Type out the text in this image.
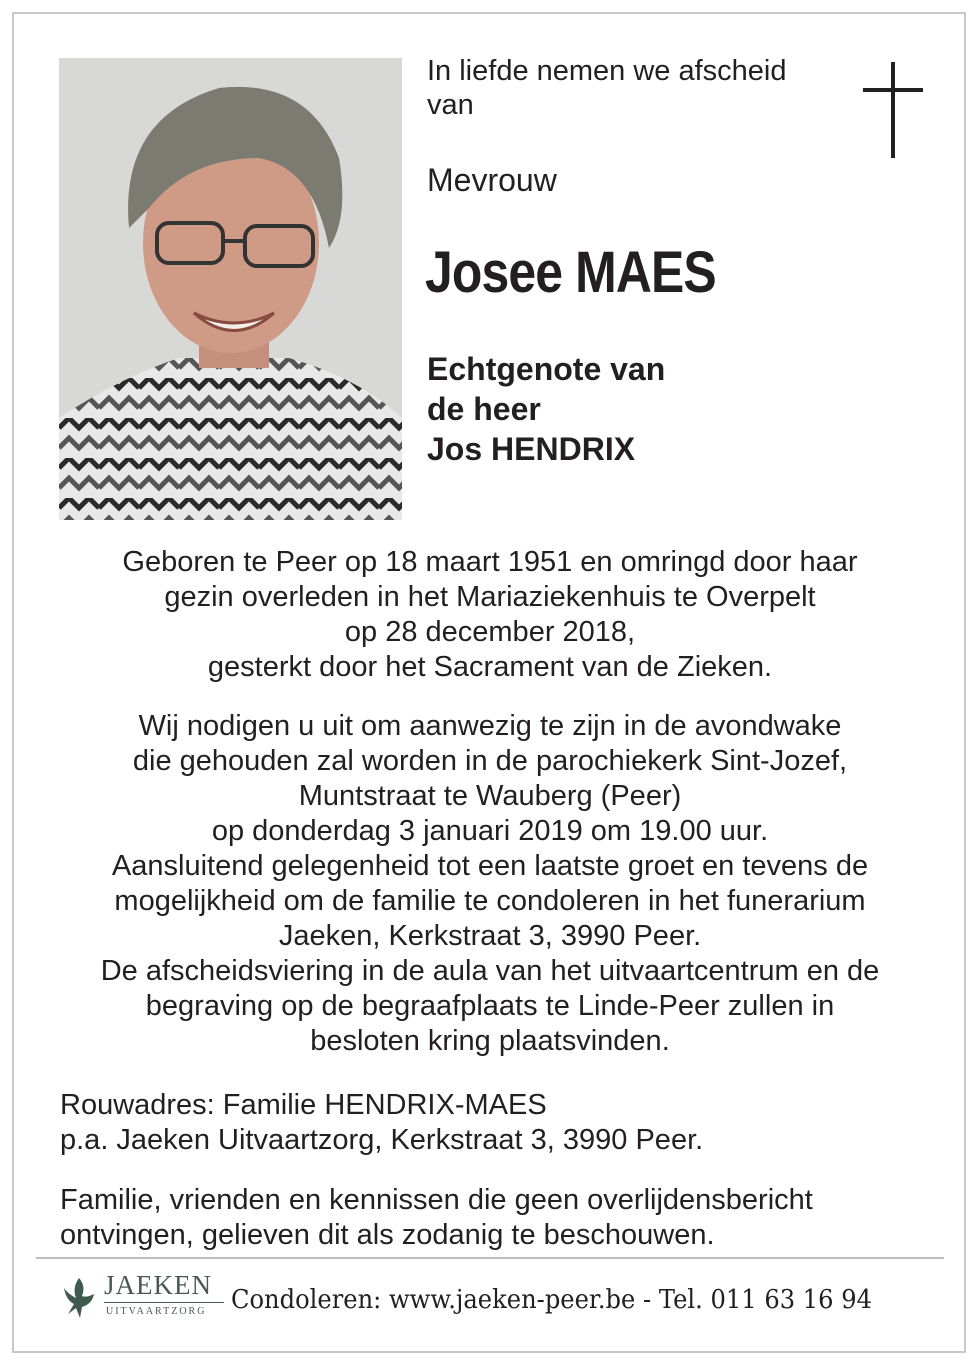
In liefde nemen we afscheid
van
Mevrouw
Josee MAES
Echtgenote van
de heer
Jos HENDRIX
Geboren te Peer op 18 maart 1951 en omringd door haar
gezin overleden in het Mariaziekenhuis te Overpelt
op 28 december 2018,
gesterkt door het Sacrament van de Zieken.
Wij nodigen u uit om aanwezig te zijn in de avondwake
die gehouden zal worden in de parochiekerk Sint-Jozef,
Muntstraat te Wauberg (Peer)
op donderdag 3 januari 2019 om 19.00 uur.
Aansluitend gelegenheid tot een laatste groet en tevens de
mogelijkheid om de familie te condoleren in het funerarium
Jaeken, Kerkstraat 3, 3990 Peer.
De afscheidsviering in de aula van het uitvaartcentrum en de
begraving op de begraafplaats te Linde-Peer zullen in
besloten kring plaatsvinden.
Rouwadres: Familie HENDRIX-MAES
p.a. Jaeken Uitvaartzorg, Kerkstraat 3, 3990 Peer.
Familie, vrienden en kennissen die geen overlijdensbericht
ontvingen, gelieven dit als zodanig te beschouwen.
JAEKEN
UITVAARTZORG Condoleren: www.jaeken-peer.be - Tel. 011 63 16 94
